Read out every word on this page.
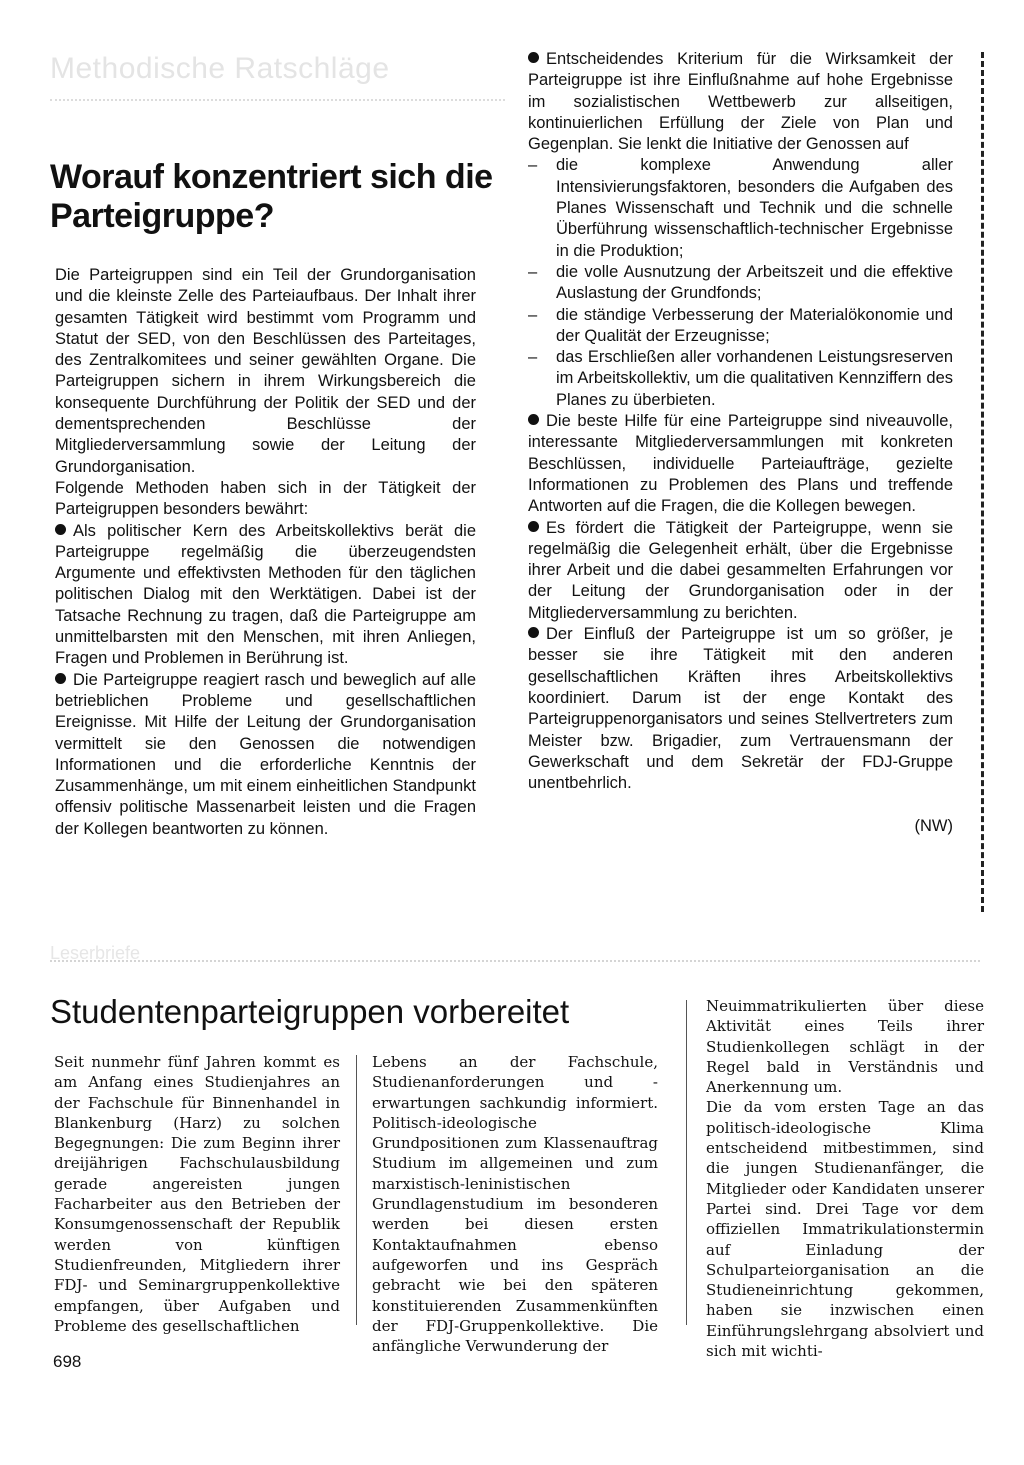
Methodische Ratschläge
Worauf konzentriert sich die Parteigruppe?

Die Parteigruppen sind ein Teil der Grundorganisation und die kleinste Zelle des Parteiaufbaus. Der Inhalt ihrer gesamten Tätigkeit wird bestimmt vom Programm und Statut der SED, von den Beschlüssen des Parteitages, des Zentralkomitees und seiner gewählten Organe. Die Parteigruppen sichern in ihrem Wirkungsbereich die konsequente Durchführung der Politik der SED und der dementsprechenden Beschlüsse der Mitgliederversammlung sowie der Leitung der Grundorganisation.

Folgende Methoden haben sich in der Tätigkeit der Parteigruppen besonders bewährt:

Als politischer Kern des Arbeitskollektivs berät die Parteigruppe regelmäßig die überzeugendsten Argumente und effektivsten Methoden für den täglichen politischen Dialog mit den Werktätigen. Dabei ist der Tatsache Rechnung zu tragen, daß die Parteigruppe am unmittelbarsten mit den Menschen, mit ihren Anliegen, Fragen und Problemen in Berührung ist.

Die Parteigruppe reagiert rasch und beweglich auf alle betrieblichen Probleme und gesellschaftlichen Ereignisse. Mit Hilfe der Leitung der Grundorganisation vermittelt sie den Genossen die notwendigen Informationen und die erforderliche Kenntnis der Zusammenhänge, um mit einem einheitlichen Standpunkt offensiv politische Massenarbeit leisten und die Fragen der Kollegen beantworten zu können.

Entscheidendes Kriterium für die Wirksamkeit der Parteigruppe ist ihre Einflußnahme auf hohe Ergebnisse im sozialistischen Wettbewerb zur allseitigen, kontinuierlichen Erfüllung der Ziele von Plan und Gegenplan. Sie lenkt die Initiative der Genossen auf

– die komplexe Anwendung aller Intensivierungsfaktoren, besonders die Aufgaben des Planes Wissenschaft und Technik und die schnelle Überführung wissenschaftlich-technischer Ergebnisse in die Produktion;

– die volle Ausnutzung der Arbeitszeit und die effektive Auslastung der Grundfonds;

– die ständige Verbesserung der Materialökonomie und der Qualität der Erzeugnisse;

– das Erschließen aller vorhandenen Leistungsreserven im Arbeitskollektiv, um die qualitativen Kennziffern des Planes zu überbieten.

Die beste Hilfe für eine Parteigruppe sind niveauvolle, interessante Mitgliederversammlungen mit konkreten Beschlüssen, individuelle Parteiaufträge, gezielte Informationen zu Problemen des Plans und treffende Antworten auf die Fragen, die die Kollegen bewegen.

Es fördert die Tätigkeit der Parteigruppe, wenn sie regelmäßig die Gelegenheit erhält, über die Ergebnisse ihrer Arbeit und die dabei gesammelten Erfahrungen vor der Leitung der Grundorganisation oder in der Mitgliederversammlung zu berichten.

Der Einfluß der Parteigruppe ist um so größer, je besser sie ihre Tätigkeit mit den anderen gesellschaftlichen Kräften ihres Arbeitskollektivs koordiniert. Darum ist der enge Kontakt des Parteigruppenorganisators und seines Stellvertreters zum Meister bzw. Brigadier, zum Vertrauensmann der Gewerkschaft und dem Sekretär der FDJ-Gruppe unentbehrlich.

(NW)

Leserbriefe
Studentenparteigruppen vorbereitet

Seit nunmehr fünf Jahren kommt es am Anfang eines Studienjahres an der Fachschule für Binnenhandel in Blankenburg (Harz) zu solchen Begegnungen: Die zum Beginn ihrer dreijährigen Fachschulausbildung gerade angereisten jungen Facharbeiter aus den Betrieben der Konsumgenossenschaft der Republik werden von künftigen Studienfreunden, Mitgliedern ihrer FDJ- und Seminargruppenkollektive empfangen, über Aufgaben und Probleme des gesellschaftlichen

Lebens an der Fachschule, Studienanforderungen und -erwartungen sachkundig informiert. Politisch-ideologische Grundpositionen zum Klassenauftrag Studium im allgemeinen und zum marxistisch-leninistischen Grundlagenstudium im besonderen werden bei diesen ersten Kontaktaufnahmen ebenso aufgeworfen und ins Gespräch gebracht wie bei den späteren konstituierenden Zusammenkünften der FDJ-Gruppenkollektive. Die anfängliche Verwunderung der

Neuimmatrikulierten über diese Aktivität eines Teils ihrer Studienkollegen schlägt in der Regel bald in Verständnis und Anerkennung um.

Die da vom ersten Tage an das politisch-ideologische Klima entscheidend mitbestimmen, sind die jungen Studienanfänger, die Mitglieder oder Kandidaten unserer Partei sind. Drei Tage vor dem offiziellen Immatrikulationstermin auf Einladung der Schulparteiorganisation an die Studieneinrichtung gekommen, haben sie inzwischen einen Einführungslehrgang absolviert und sich mit wichti-

698
